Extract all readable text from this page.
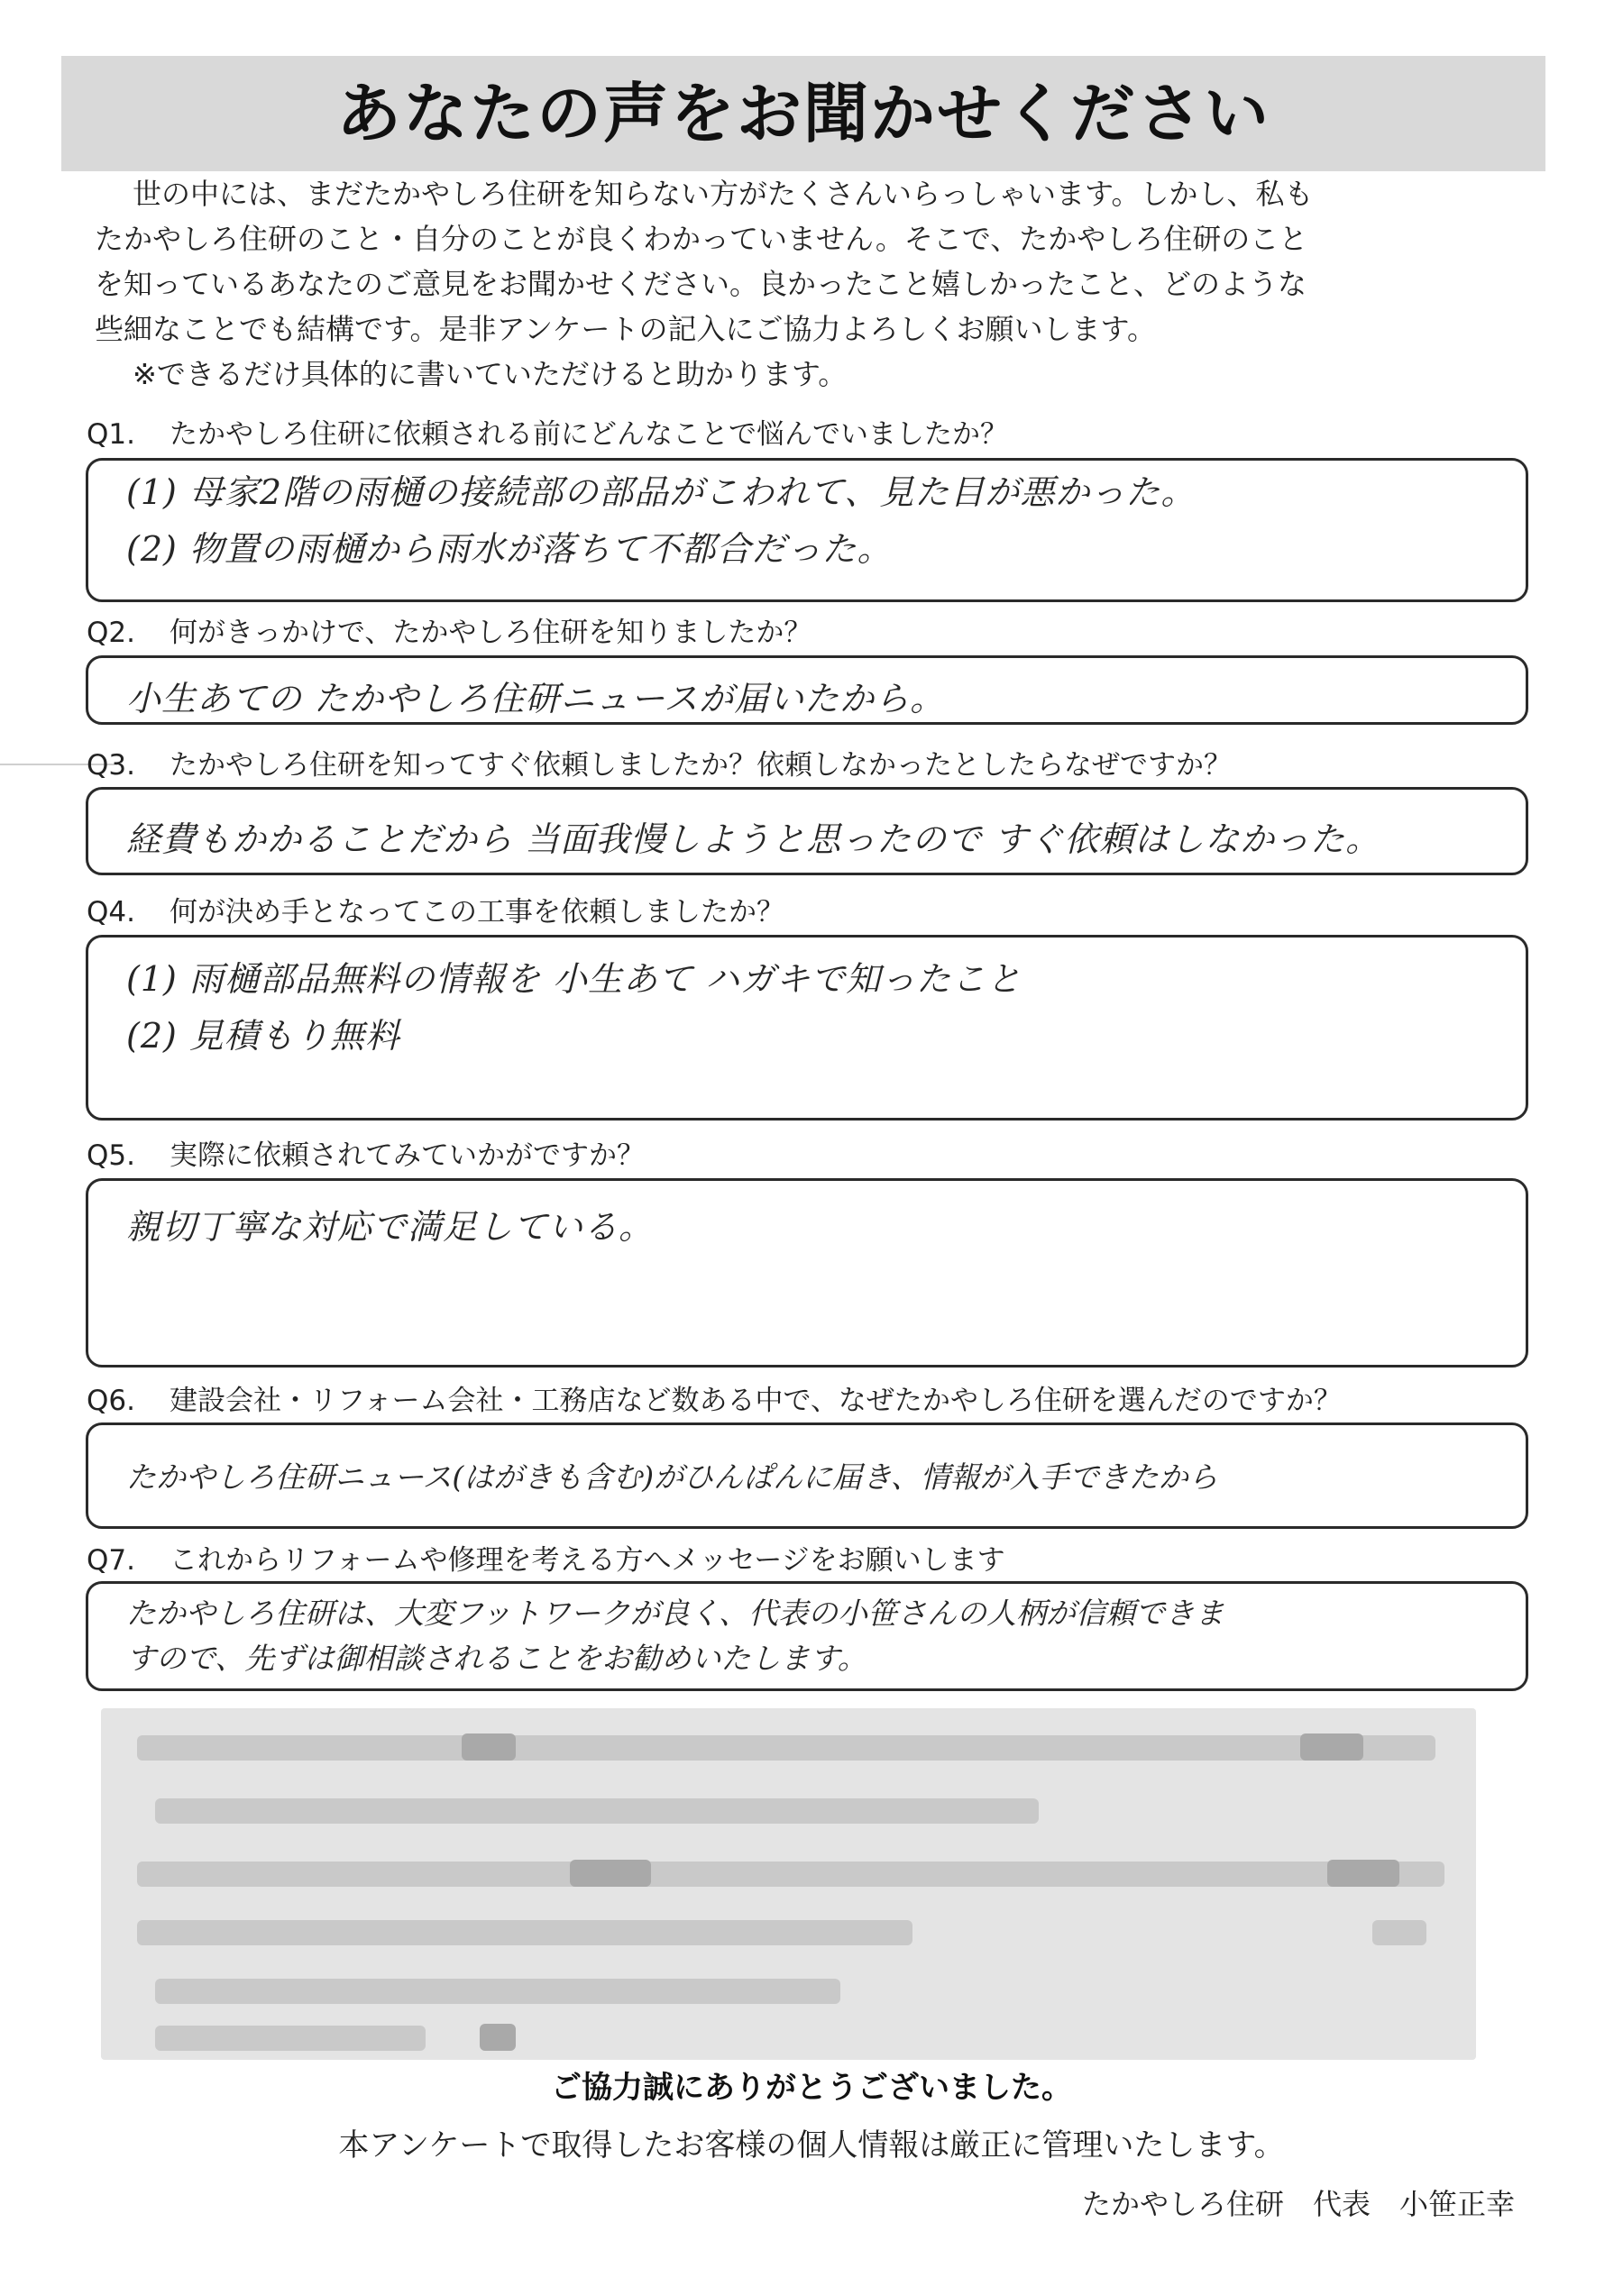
あなたの声をお聞かせください

世の中には、まだたかやしろ住研を知らない方がたくさんいらっしゃいます。しかし、私も

たかやしろ住研のこと・自分のことが良くわかっていません。そこで、たかやしろ住研のこと

を知っているあなたのご意見をお聞かせください。良かったこと嬉しかったこと、どのような

些細なことでも結構です。是非アンケートの記入にご協力よろしくお願いします。

※できるだけ具体的に書いていただけると助かります。

Q1. たかやしろ住研に依頼される前にどんなことで悩んでいましたか？
(1) 母家2階の雨樋の接続部の部品がこわれて、見た目が悪かった。
(2) 物置の雨樋から雨水が落ちて不都合だった。
Q2. 何がきっかけで、たかやしろ住研を知りましたか？
小生あての たかやしろ住研ニュースが届いたから。
Q3. たかやしろ住研を知ってすぐ依頼しましたか？依頼しなかったとしたらなぜですか？
経費もかかることだから 当面我慢しようと思ったので すぐ依頼はしなかった。
Q4. 何が決め手となってこの工事を依頼しましたか？
(1) 雨樋部品無料の情報を 小生あて ハガキで知ったこと
(2) 見積もり無料
Q5. 実際に依頼されてみていかがですか？
親切丁寧な対応で満足している。
Q6. 建設会社・リフォーム会社・工務店など数ある中で、なぜたかやしろ住研を選んだのですか？
たかやしろ住研ニュース(はがきも含む)がひんぱんに届き、情報が入手できたから
Q7. これからリフォームや修理を考える方へメッセージをお願いします
たかやしろ住研は、大変フットワークが良く、代表の小笹さんの人柄が信頼できま
すので、先ずは御相談されることをお勧めいたします。
ご協力誠にありがとうございました。
本アンケートで取得したお客様の個人情報は厳正に管理いたします。
たかやしろ住研　代表　小笹正幸
